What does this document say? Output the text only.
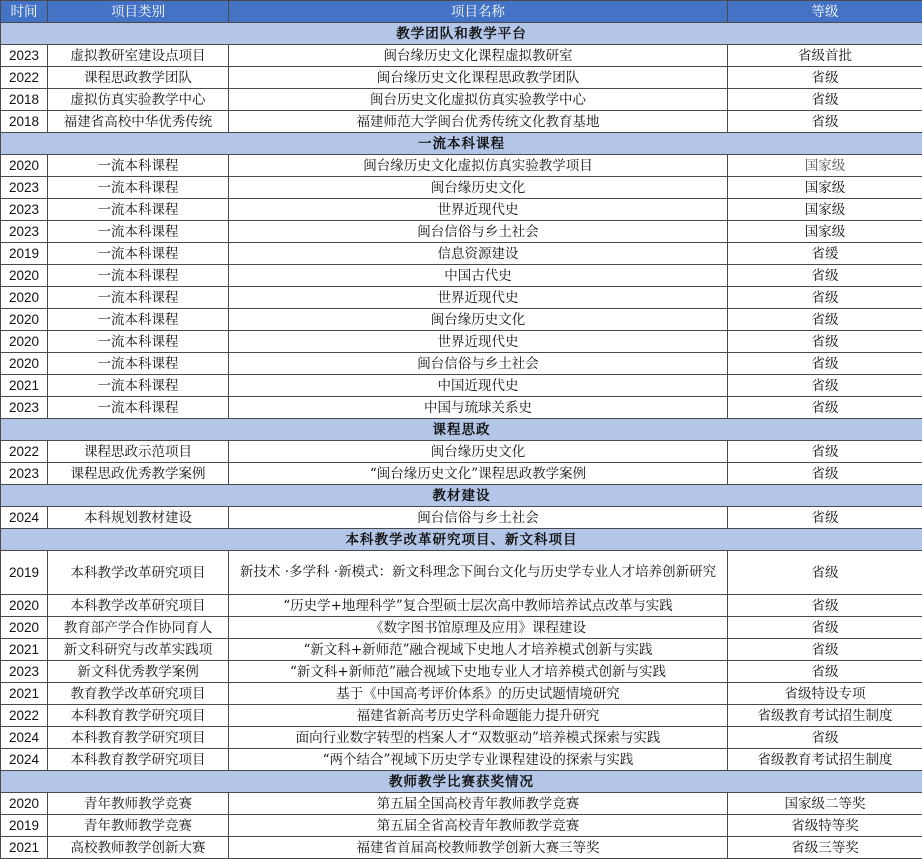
时间	项目类别	项目名称	等级
教学团队和教学平台			
2023	虚拟教研室建设点项目	闽台缘历史文化课程虚拟教研室	省级首批
2022	课程思政教学团队	闽台缘历史文化课程思政教学团队	省级
2018	虚拟仿真实验教学中心	闽台历史文化虚拟仿真实验教学中心	省级
2018	福建省高校中华优秀传统	福建师范大学闽台优秀传统文化教育基地	省级
一流本科课程			
2020	一流本科课程	闽台缘历史文化虚拟仿真实验教学项目	国家级
2023	一流本科课程	闽台缘历史文化	国家级
2023	一流本科课程	世界近现代史	国家级
2023	一流本科课程	闽台信俗与乡土社会	国家级
2019	一流本科课程	信息资源建设	省缓
2020	一流本科课程	中国古代史	省级
2020	一流本科课程	世界近现代史	省级
2020	一流本科课程	闽台缘历史文化	省级
2020	一流本科课程	世界近现代史	省级
2020	一流本科课程	闽台信俗与乡土社会	省级
2021	一流本科课程	中国近现代史	省级
2023	一流本科课程	中国与琉球关系史	省级
课程思政			
2022	课程思政示范项目	闽台缘历史文化	省级
2023	课程思政优秀教学案例	“闽台缘历史文化”课程思政教学案例	省级
教材建设			
2024	本科规划教材建设	闽台信俗与乡土社会	省级
本科教学改革研究项目、新文科项目			
2019	本科教学改革研究项目	新技术 ·多学科 ·新模式：新文科理念下闽台文化与历史学专业人才培养创新研究	省级
2020	本科教学改革研究项目	“历史学+地理科学”复合型硕士层次高中教师培养试点改革与实践	省级
2020	教育部产学合作协同育人	《数字图书馆原理及应用》课程建设	省级
2021	新文科研究与改革实践项	“新文科+新师范”融合视域下史地人才培养模式创新与实践	省级
2023	新文科优秀教学案例	“新文科+新师范”融合视域下史地专业人才培养模式创新与实践	省级
2021	教育教学改革研究项目	基于《中国高考评价体系》的历史试题情境研究	省级特设专项
2022	本科教育教学研究项目	福建省新高考历史学科命题能力提升研究	省级教育考试招生制度
2024	本科教育教学研究项目	面向行业数字转型的档案人才“双数驱动”培养模式探索与实践	省级
2024	本科教育教学研究项目	“两个结合”视域下历史学专业课程建设的探索与实践	省级教育考试招生制度
教师教学比赛获奖情况			
2020	青年教师教学竞赛	第五届全国高校青年教师教学竞赛	国家级二等奖
2019	青年教师教学竞赛	第五届全省高校青年教师教学竞赛	省级特等奖
2021	高校教师教学创新大赛	福建省首届高校教师教学创新大赛三等奖	省级三等奖
